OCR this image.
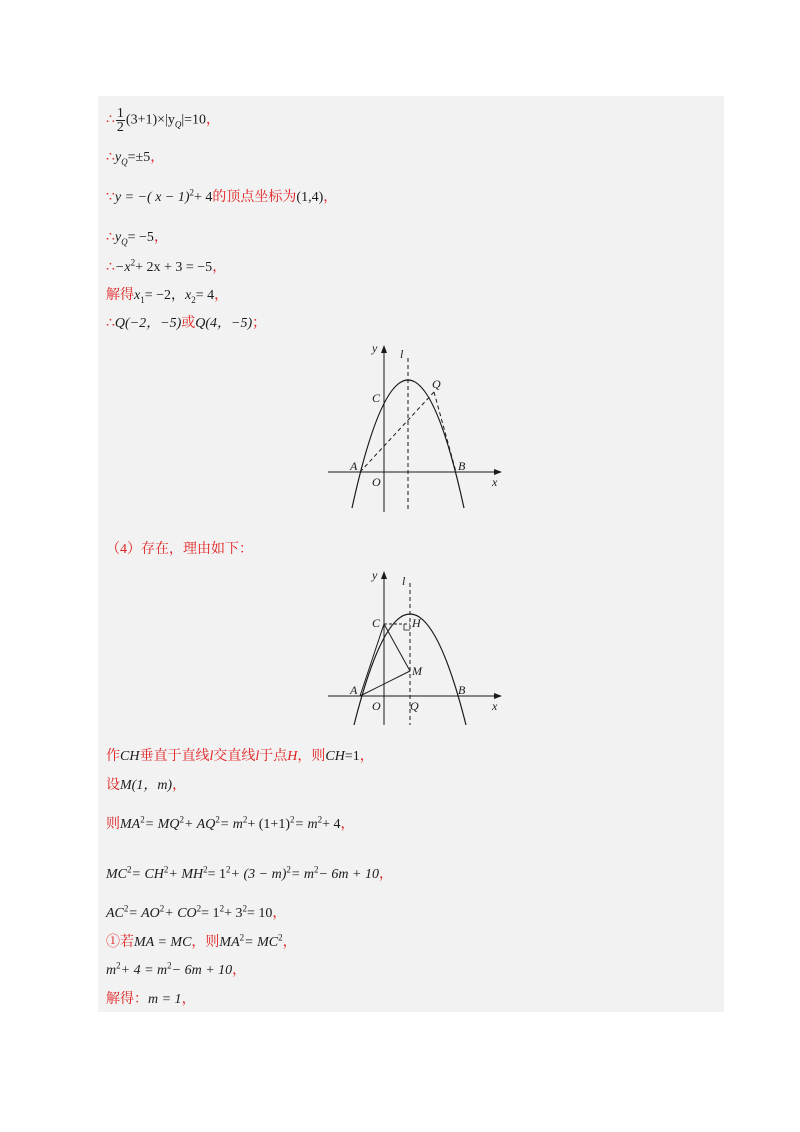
∴ $\frac{1}{2} (3+1)\times|y_Q|=10$，
$\therefore y_Q=\pm 5$，
∵y = −( x − 1)$^2$+ 4的顶点坐标为(1,4)，
$\therefore y_Q= -5$，
$\therefore-x^2+ 2x + 3 = -5$，
解得$x_1= -2$，$x_2= 4$，
∴Q(−2，−5)或Q(4，−5)；
y l
C
Q
A
O
B
x
（4）存在，理由如下：
y l
C	H
M
A
O Q
B
x
作CH垂直于直线l交直线l于点H，则CH=1，
设M(1，m)，
则$MA^2= MQ^2+ AQ^2= m^2+ (1+1)^2= m^2+ 4$，
$MC^2= CH^2+ MH^2= 1^2+ (3 - m)^2= m^2- 6m + 10$，
$AC^2= AO^2+ CO^2= 1^2+ 3^2= 10$，
①若MA = MC，则$MA^2= MC^2$，
$m^2+ 4 = m^2- 6m + 10$，
解得：m = 1，
